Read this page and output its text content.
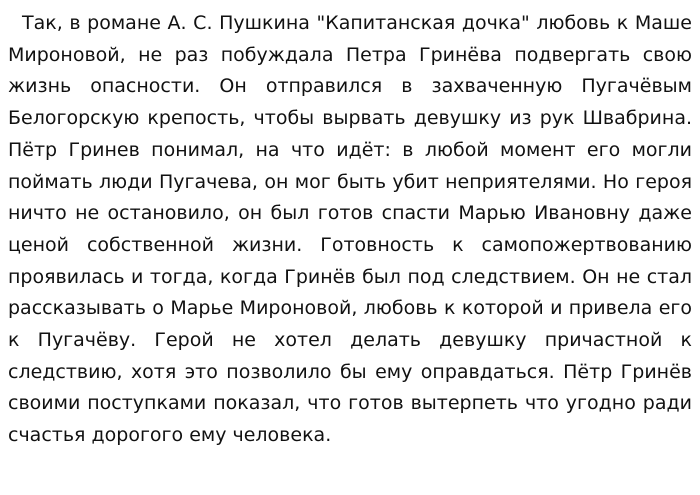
Так, в романе А. С. Пушкина "Капитанская дочка" любовь к Маше Мироновой, не раз побуждала Петра Гринёва подвергать свою жизнь опасности. Он отправился в захваченную Пугачёвым Белогорскую крепость, чтобы вырвать девушку из рук Швабрина. Пётр Гринев понимал, на что идёт: в любой момент его могли поймать люди Пугачева, он мог быть убит неприятелями. Но героя ничто не остановило, он был готов спасти Марью Ивановну даже ценой собственной жизни. Готовность к самопожертвованию проявилась и тогда, когда Гринёв был под следствием. Он не стал рассказывать о Марье Мироновой, любовь к которой и привела его к Пугачёву. Герой не хотел делать девушку причастной к следствию, хотя это позволило бы ему оправдаться. Пётр Гринёв своими поступками показал, что готов вытерпеть что угодно ради счастья дорогого ему человека.
